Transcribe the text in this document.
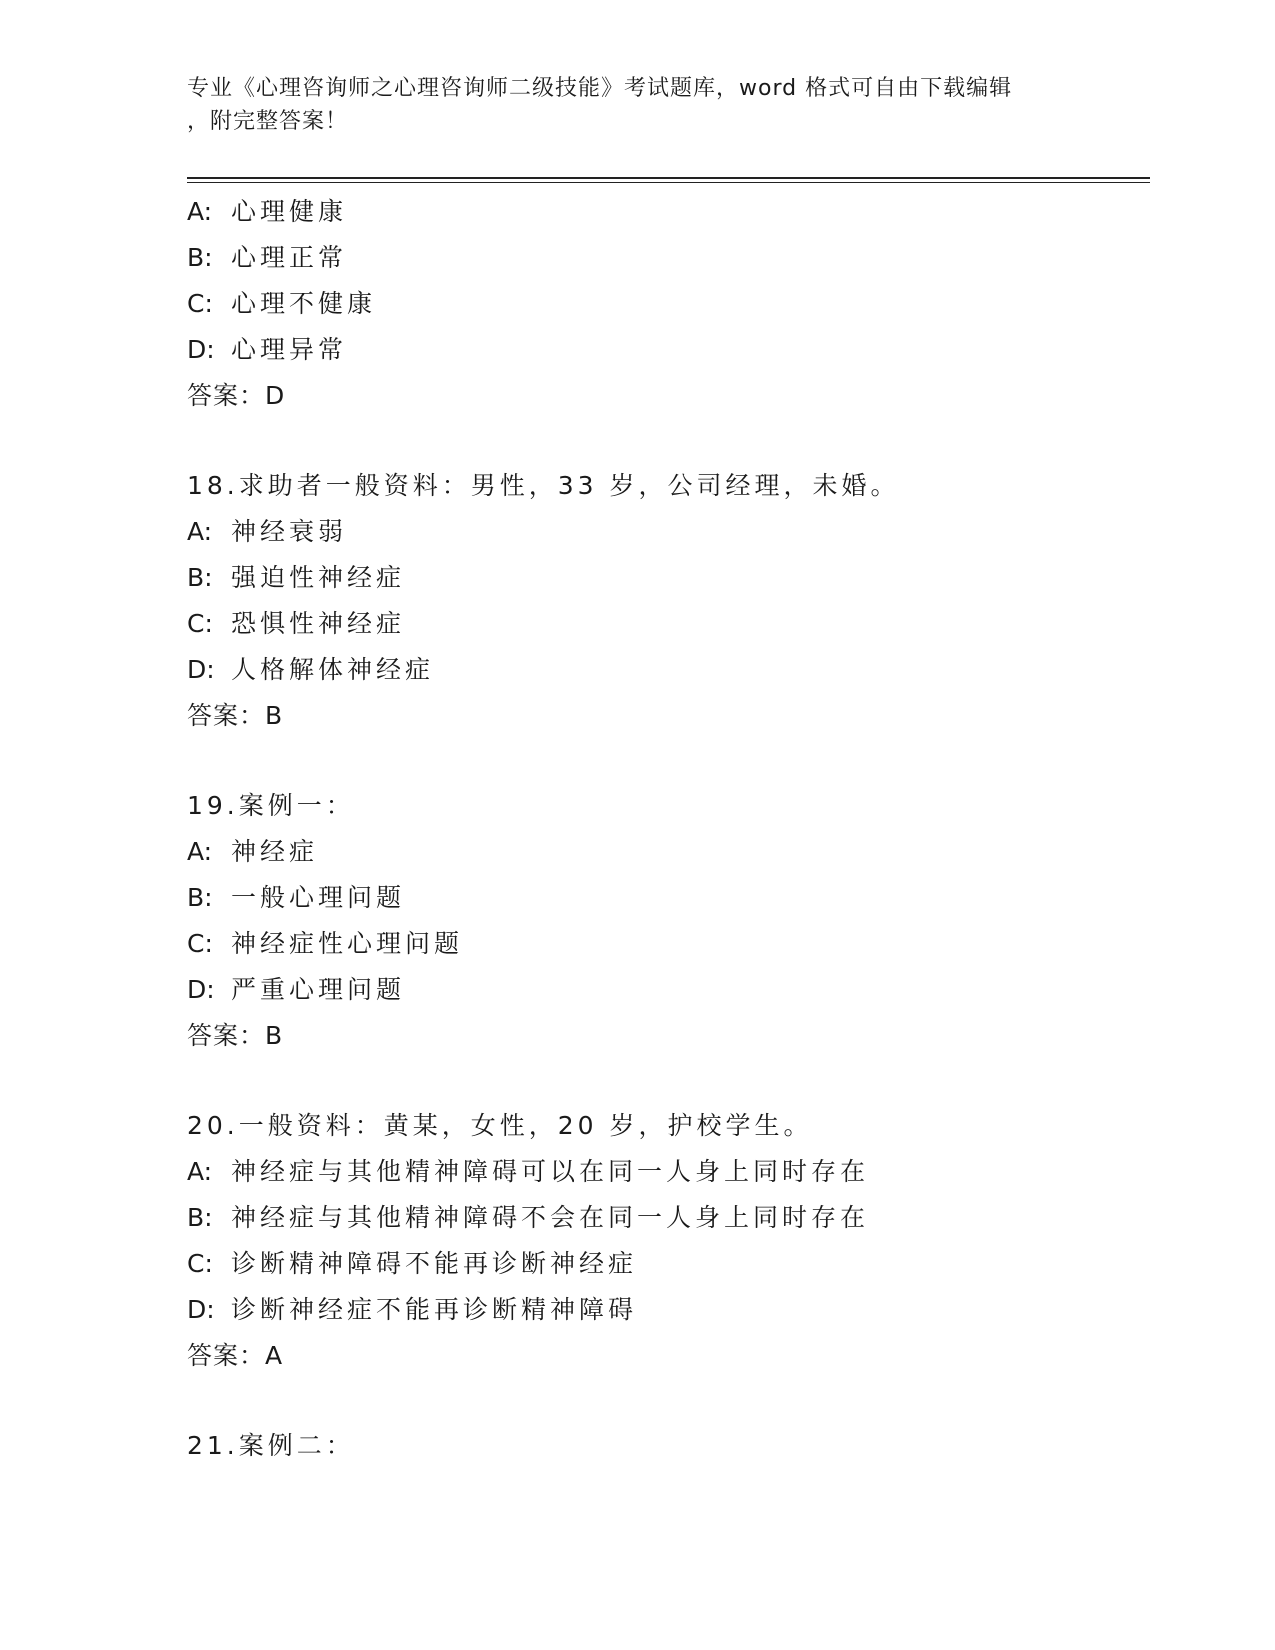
专业《心理咨询师之心理咨询师二级技能》考试题库，word 格式可自由下载编辑
，附完整答案！
A: 心理健康
B: 心理正常
C: 心理不健康
D: 心理异常
答案：D
18.求助者一般资料：男性，33 岁，公司经理，未婚。
A: 神经衰弱
B: 强迫性神经症
C: 恐惧性神经症
D: 人格解体神经症
答案：B
19.案例一：
A: 神经症
B: 一般心理问题
C: 神经症性心理问题
D: 严重心理问题
答案：B
20.一般资料：黄某，女性，20 岁，护校学生。
A: 神经症与其他精神障碍可以在同一人身上同时存在
B: 神经症与其他精神障碍不会在同一人身上同时存在
C: 诊断精神障碍不能再诊断神经症
D: 诊断神经症不能再诊断精神障碍
答案：A
21.案例二：
